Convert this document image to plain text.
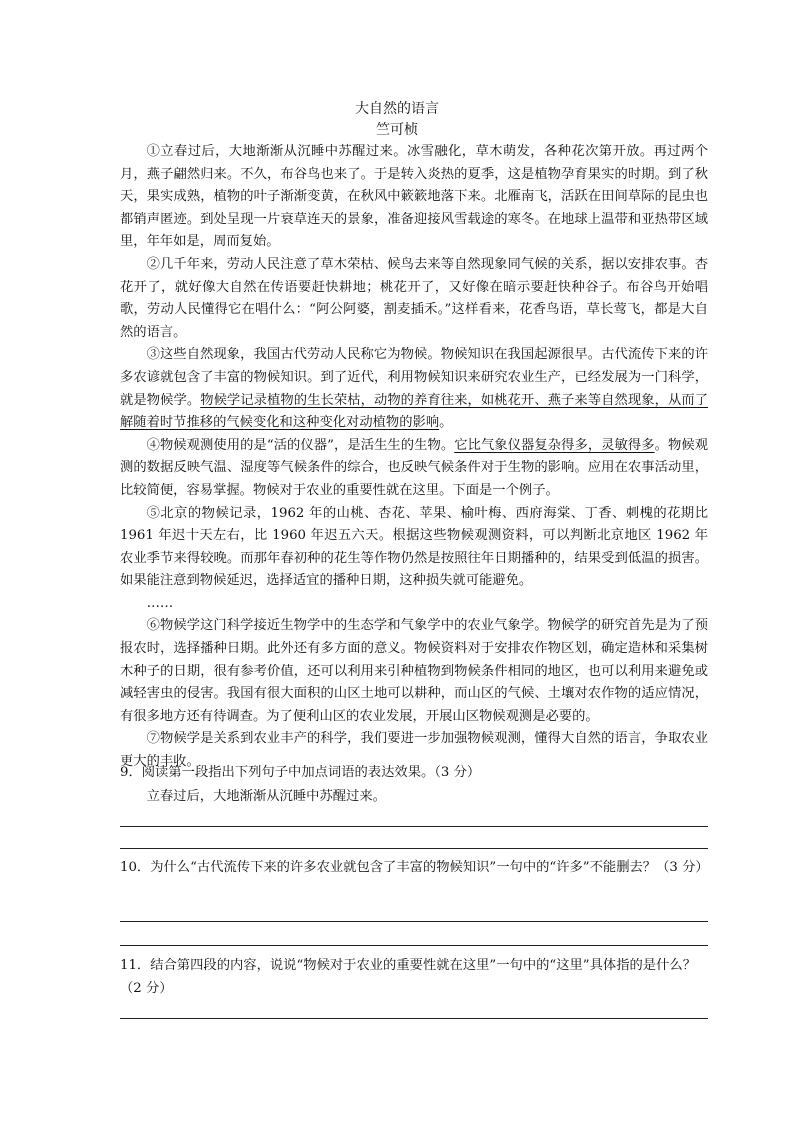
大自然的语言
竺可桢

①立春过后，大地渐渐从沉睡中苏醒过来。冰雪融化，草木萌发，各种花次第开放。再过两个月，燕子翩然归来。不久，布谷鸟也来了。于是转入炎热的夏季，这是植物孕育果实的时期。到了秋天，果实成熟，植物的叶子渐渐变黄，在秋风中簌簌地落下来。北雁南飞，活跃在田间草际的昆虫也都销声匿迹。到处呈现一片衰草连天的景象，准备迎接风雪载途的寒冬。在地球上温带和亚热带区域里，年年如是，周而复始。

②几千年来，劳动人民注意了草木荣枯、候鸟去来等自然现象同气候的关系，据以安排农事。杏花开了，就好像大自然在传语要赶快耕地；桃花开了，又好像在暗示要赶快种谷子。布谷鸟开始唱歌，劳动人民懂得它在唱什么：“阿公阿婆，割麦插禾。”这样看来，花香鸟语，草长莺飞，都是大自然的语言。

③这些自然现象，我国古代劳动人民称它为物候。物候知识在我国起源很早。古代流传下来的许多农谚就包含了丰富的物候知识。到了近代，利用物候知识来研究农业生产，已经发展为一门科学，就是物候学。物候学记录植物的生长荣枯，动物的养育往来，如桃花开、燕子来等自然现象，从而了解随着时节推移的气候变化和这种变化对动植物的影响。

④物候观测使用的是“活的仪器”，是活生生的生物。它比气象仪器复杂得多，灵敏得多。物候观测的数据反映气温、湿度等气候条件的综合，也反映气候条件对于生物的影响。应用在农事活动里，比较简便，容易掌握。物候对于农业的重要性就在这里。下面是一个例子。

⑤北京的物候记录，1962 年的山桃、杏花、苹果、榆叶梅、西府海棠、丁香、刺槐的花期比 1961 年迟十天左右，比 1960 年迟五六天。根据这些物候观测资料，可以判断北京地区 1962 年农业季节来得较晚。而那年春初种的花生等作物仍然是按照往年日期播种的，结果受到低温的损害。如果能注意到物候延迟，选择适宜的播种日期，这种损失就可能避免。

……

⑥物候学这门科学接近生物学中的生态学和气象学中的农业气象学。物候学的研究首先是为了预报农时，选择播种日期。此外还有多方面的意义。物候资料对于安排农作物区划，确定造林和采集树木种子的日期，很有参考价值，还可以利用来引种植物到物候条件相同的地区，也可以利用来避免或减轻害虫的侵害。我国有很大面积的山区土地可以耕种，而山区的气候、土壤对农作物的适应情况，有很多地方还有待调查。为了便利山区的农业发展，开展山区物候观测是必要的。

⑦物候学是关系到农业丰产的科学，我们要进一步加强物候观测，懂得大自然的语言，争取农业更大的丰收。

9．阅读第一段指出下列句子中加点词语的表达效果。（3 分）
立春过后，大地渐渐从沉睡中苏醒过来。
10．为什么“古代流传下来的许多农业就包含了丰富的物候知识”一句中的“许多”不能删去？（3 分）
11．结合第四段的内容，说说“物候对于农业的重要性就在这里”一句中的“这里”具体指的是什么？（2 分）
